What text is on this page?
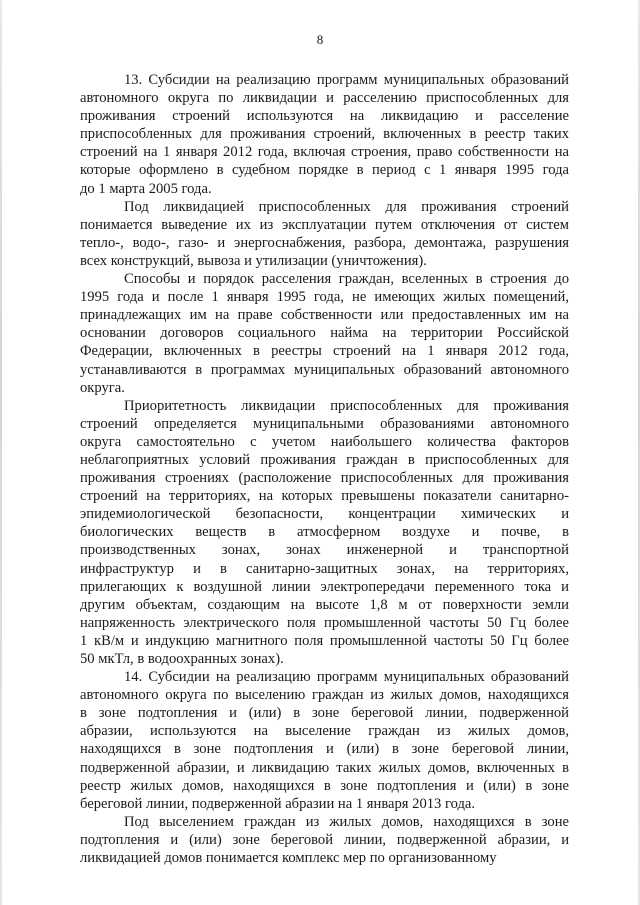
8
13. Субсидии на реализацию программ муниципальных образований
автономного округа по ликвидации и расселению приспособленных для
проживания строений используются на ликвидацию и расселение
приспособленных для проживания строений, включенных в реестр таких
строений на 1 января 2012 года, включая строения, право собственности на
которые оформлено в судебном порядке в период с 1 января 1995 года
до 1 марта 2005 года.
Под ликвидацией приспособленных для проживания строений
понимается выведение их из эксплуатации путем отключения от систем
тепло-, водо-, газо- и энергоснабжения, разбора, демонтажа, разрушения
всех конструкций, вывоза и утилизации (уничтожения).
Способы и порядок расселения граждан, вселенных в строения до
1995 года и после 1 января 1995 года, не имеющих жилых помещений,
принадлежащих им на праве собственности или предоставленных им на
основании договоров социального найма на территории Российской
Федерации, включенных в реестры строений на 1 января 2012 года,
устанавливаются в программах муниципальных образований автономного
округа.
Приоритетность ликвидации приспособленных для проживания
строений определяется муниципальными образованиями автономного
округа самостоятельно с учетом наибольшего количества факторов
неблагоприятных условий проживания граждан в приспособленных для
проживания строениях (расположение приспособленных для проживания
строений на территориях, на которых превышены показатели санитарно-
эпидемиологической безопасности, концентрации химических и
биологических веществ в атмосферном воздухе и почве, в
производственных зонах, зонах инженерной и транспортной
инфраструктур и в санитарно-защитных зонах, на территориях,
прилегающих к воздушной линии электропередачи переменного тока и
другим объектам, создающим на высоте 1,8 м от поверхности земли
напряженность электрического поля промышленной частоты 50 Гц более
1 кВ/м и индукцию магнитного поля промышленной частоты 50 Гц более
50 мкТл, в водоохранных зонах).
14. Субсидии на реализацию программ муниципальных образований
автономного округа по выселению граждан из жилых домов, находящихся
в зоне подтопления и (или) в зоне береговой линии, подверженной
абразии, используются на выселение граждан из жилых домов,
находящихся в зоне подтопления и (или) в зоне береговой линии,
подверженной абразии, и ликвидацию таких жилых домов, включенных в
реестр жилых домов, находящихся в зоне подтопления и (или) в зоне
береговой линии, подверженной абразии на 1 января 2013 года.
Под выселением граждан из жилых домов, находящихся в зоне
подтопления и (или) зоне береговой линии, подверженной абразии, и
ликвидацией домов понимается комплекс мер по организованному
